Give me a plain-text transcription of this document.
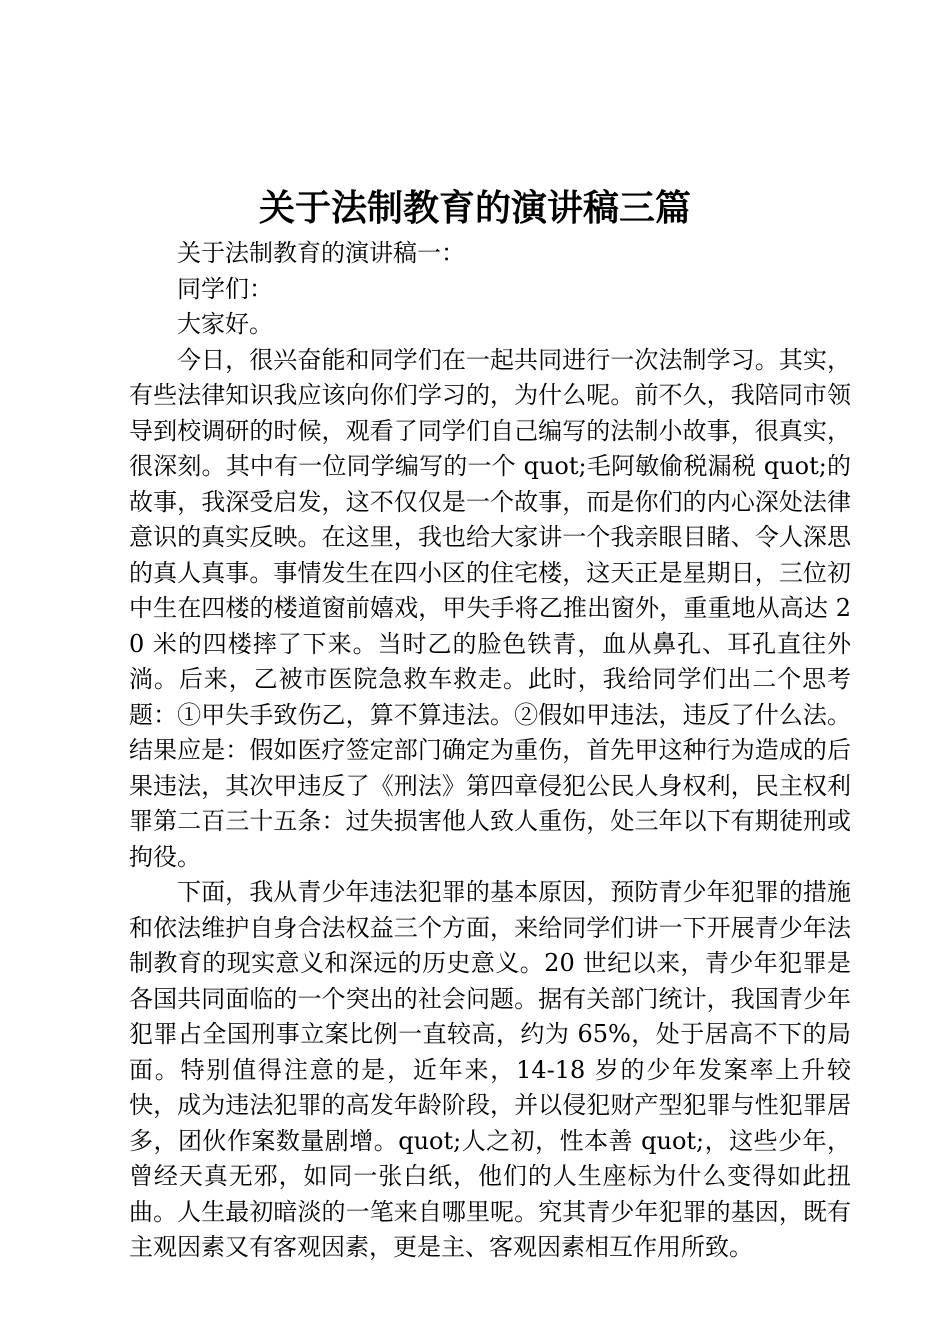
关于法制教育的演讲稿三篇

关于法制教育的演讲稿一：

同学们：

大家好。

今日，很兴奋能和同学们在一起共同进行一次法制学习。其实，有些法律知识我应该向你们学习的，为什么呢。前不久，我陪同市领导到校调研的时候，观看了同学们自己编写的法制小故事，很真实，很深刻。其中有一位同学编写的一个 quot;毛阿敏偷税漏税 quot;的故事，我深受启发，这不仅仅是一个故事，而是你们的内心深处法律意识的真实反映。在这里，我也给大家讲一个我亲眼目睹、令人深思的真人真事。事情发生在四小区的住宅楼，这天正是星期日，三位初中生在四楼的楼道窗前嬉戏，甲失手将乙推出窗外，重重地从高达 20 米的四楼摔了下来。当时乙的脸色铁青，血从鼻孔、耳孔直往外淌。后来，乙被市医院急救车救走。此时，我给同学们出二个思考题：①甲失手致伤乙，算不算违法。②假如甲违法，违反了什么法。结果应是：假如医疗签定部门确定为重伤，首先甲这种行为造成的后果违法，其次甲违反了《刑法》第四章侵犯公民人身权利，民主权利罪第二百三十五条：过失损害他人致人重伤，处三年以下有期徒刑或拘役。

下面，我从青少年违法犯罪的基本原因，预防青少年犯罪的措施和依法维护自身合法权益三个方面，来给同学们讲一下开展青少年法制教育的现实意义和深远的历史意义。20 世纪以来，青少年犯罪是各国共同面临的一个突出的社会问题。据有关部门统计，我国青少年犯罪占全国刑事立案比例一直较高，约为 65%，处于居高不下的局面。特别值得注意的是，近年来，14-18 岁的少年发案率上升较快，成为违法犯罪的高发年龄阶段，并以侵犯财产型犯罪与性犯罪居多，团伙作案数量剧增。quot;人之初，性本善 quot;，这些少年，曾经天真无邪，如同一张白纸，他们的人生座标为什么变得如此扭曲。人生最初暗淡的一笔来自哪里呢。究其青少年犯罪的基因，既有主观因素又有客观因素，更是主、客观因素相互作用所致。
